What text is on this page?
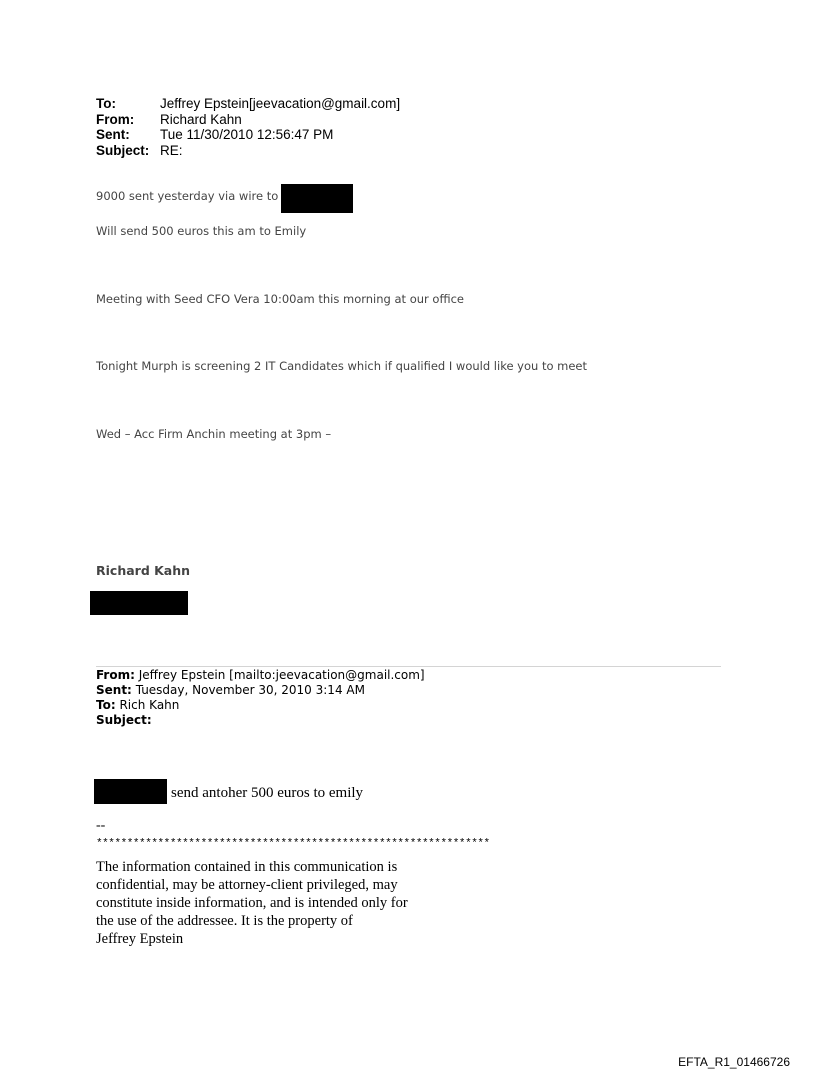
To:	Jeffrey Epstein[jeevacation@gmail.com]
From:	Richard Kahn
Sent:	Tue 11/30/2010 12:56:47 PM
Subject: RE:
9000 sent yesterday via wire to
Will send 500 euros this am to Emily
Meeting with Seed CFO Vera 10:00am this morning at our office
Tonight Murph is screening 2 IT Candidates which if qualified I would like you to meet
Wed – Acc Firm Anchin meeting at 3pm –
Richard Kahn
From: Jeffrey Epstein [mailto:jeevacation@gmail.com]
Sent: Tuesday, November 30, 2010 3:14 AM
To: Rich Kahn
Subject:
send antoher 500 euros to emily
--
****************************************************************
The information contained in this communication is
confidential, may be attorney-client privileged, may
constitute inside information, and is intended only for
the use of the addressee. It is the property of
Jeffrey Epstein
EFTA_R1_01466726
